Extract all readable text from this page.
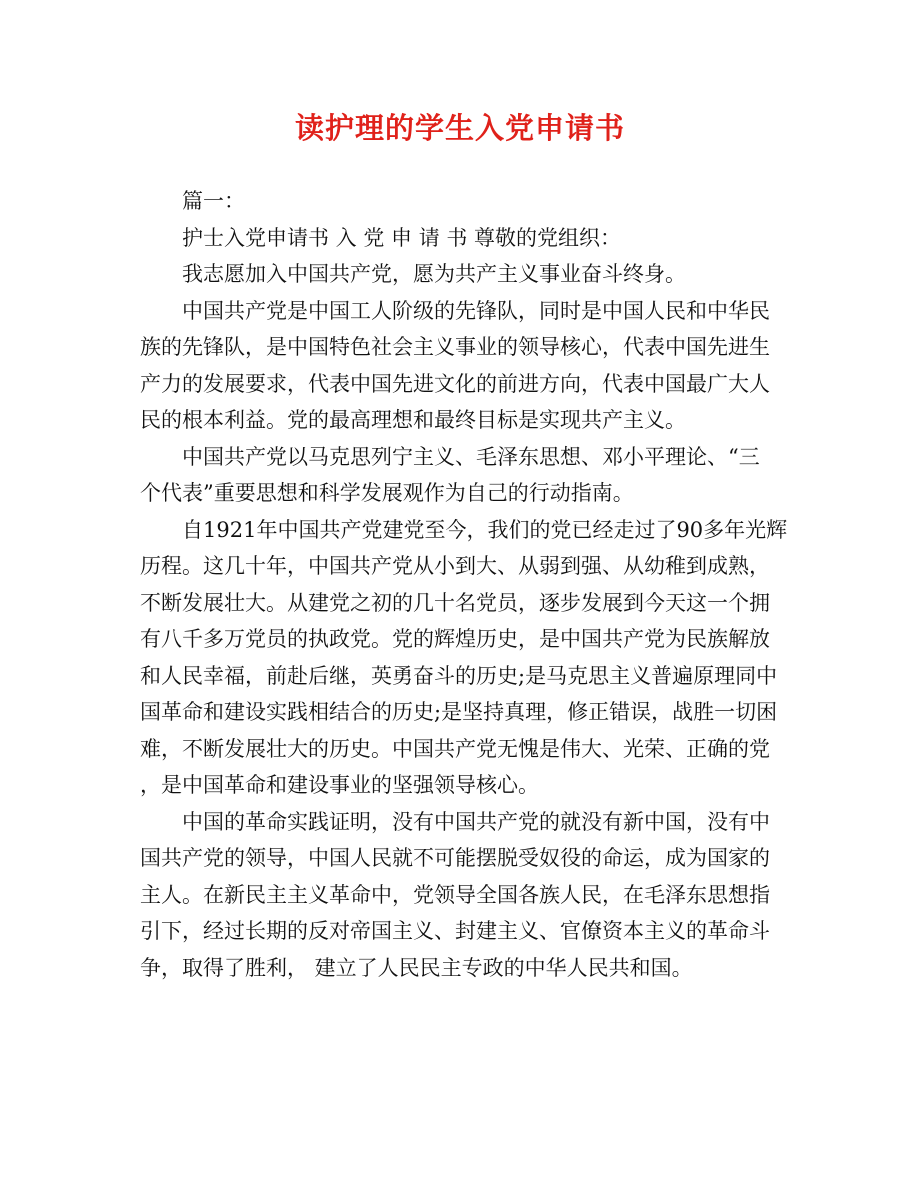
读护理的学生入党申请书
篇一：
护士入党申请书 入 党 申 请 书 尊敬的党组织：
我志愿加入中国共产党，愿为共产主义事业奋斗终身。
中国共产党是中国工人阶级的先锋队，同时是中国人民和中华民
族的先锋队，是中国特色社会主义事业的领导核心，代表中国先进生
产力的发展要求，代表中国先进文化的前进方向，代表中国最广大人
民的根本利益。党的最高理想和最终目标是实现共产主义。
中国共产党以马克思列宁主义、毛泽东思想、邓小平理论、“三
个代表”重要思想和科学发展观作为自己的行动指南。
自1921年中国共产党建党至今，我们的党已经走过了90多年光辉
历程。这几十年，中国共产党从小到大、从弱到强、从幼稚到成熟，
不断发展壮大。从建党之初的几十名党员，逐步发展到今天这一个拥
有八千多万党员的执政党。党的辉煌历史，是中国共产党为民族解放
和人民幸福，前赴后继，英勇奋斗的历史;是马克思主义普遍原理同中
国革命和建设实践相结合的历史;是坚持真理，修正错误，战胜一切困
难，不断发展壮大的历史。中国共产党无愧是伟大、光荣、正确的党
，是中国革命和建设事业的坚强领导核心。
中国的革命实践证明，没有中国共产党的就没有新中国，没有中
国共产党的领导，中国人民就不可能摆脱受奴役的命运，成为国家的
主人。在新民主主义革命中，党领导全国各族人民，在毛泽东思想指
引下，经过长期的反对帝国主义、封建主义、官僚资本主义的革命斗
争，取得了胜利， 建立了人民民主专政的中华人民共和国。
